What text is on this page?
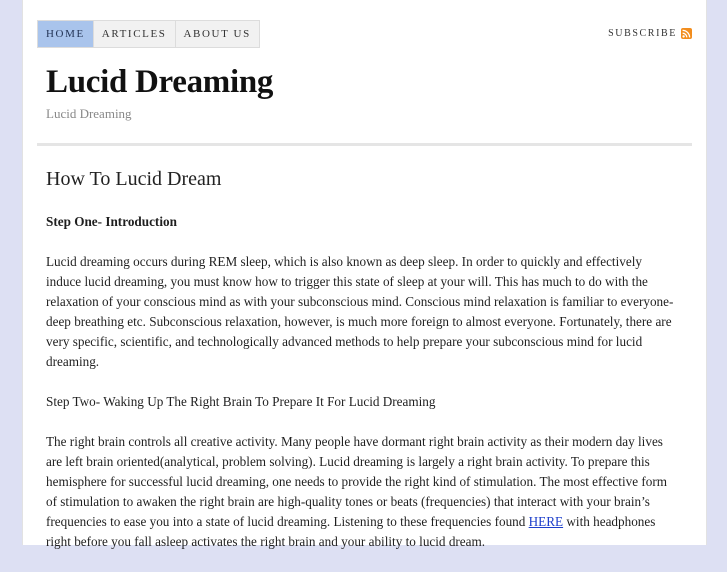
HOME	ARTICLES	ABOUT US	SUBSCRIBE
Lucid Dreaming
Lucid Dreaming
How To Lucid Dream

Step One- Introduction

Lucid dreaming occurs during REM sleep, which is also known as deep sleep. In order to quickly and effectively induce lucid dreaming, you must know how to trigger this state of sleep at your will. This has much to do with the relaxation of your conscious mind as with your subconscious mind. Conscious mind relaxation is familiar to everyone- deep breathing etc. Subconscious relaxation, however, is much more foreign to almost everyone. Fortunately, there are very specific, scientific, and technologically advanced methods to help prepare your subconscious mind for lucid dreaming.

Step Two- Waking Up The Right Brain To Prepare It For Lucid Dreaming

The right brain controls all creative activity. Many people have dormant right brain activity as their modern day lives are left brain oriented(analytical, problem solving). Lucid dreaming is largely a right brain activity. To prepare this hemisphere for successful lucid dreaming, one needs to provide the right kind of stimulation. The most effective form of stimulation to awaken the right brain are high-quality tones or beats (frequencies) that interact with your brain’s frequencies to ease you into a state of lucid dreaming. Listening to these frequencies found HERE with headphones right before you fall asleep activates the right brain and your ability to lucid dream.
